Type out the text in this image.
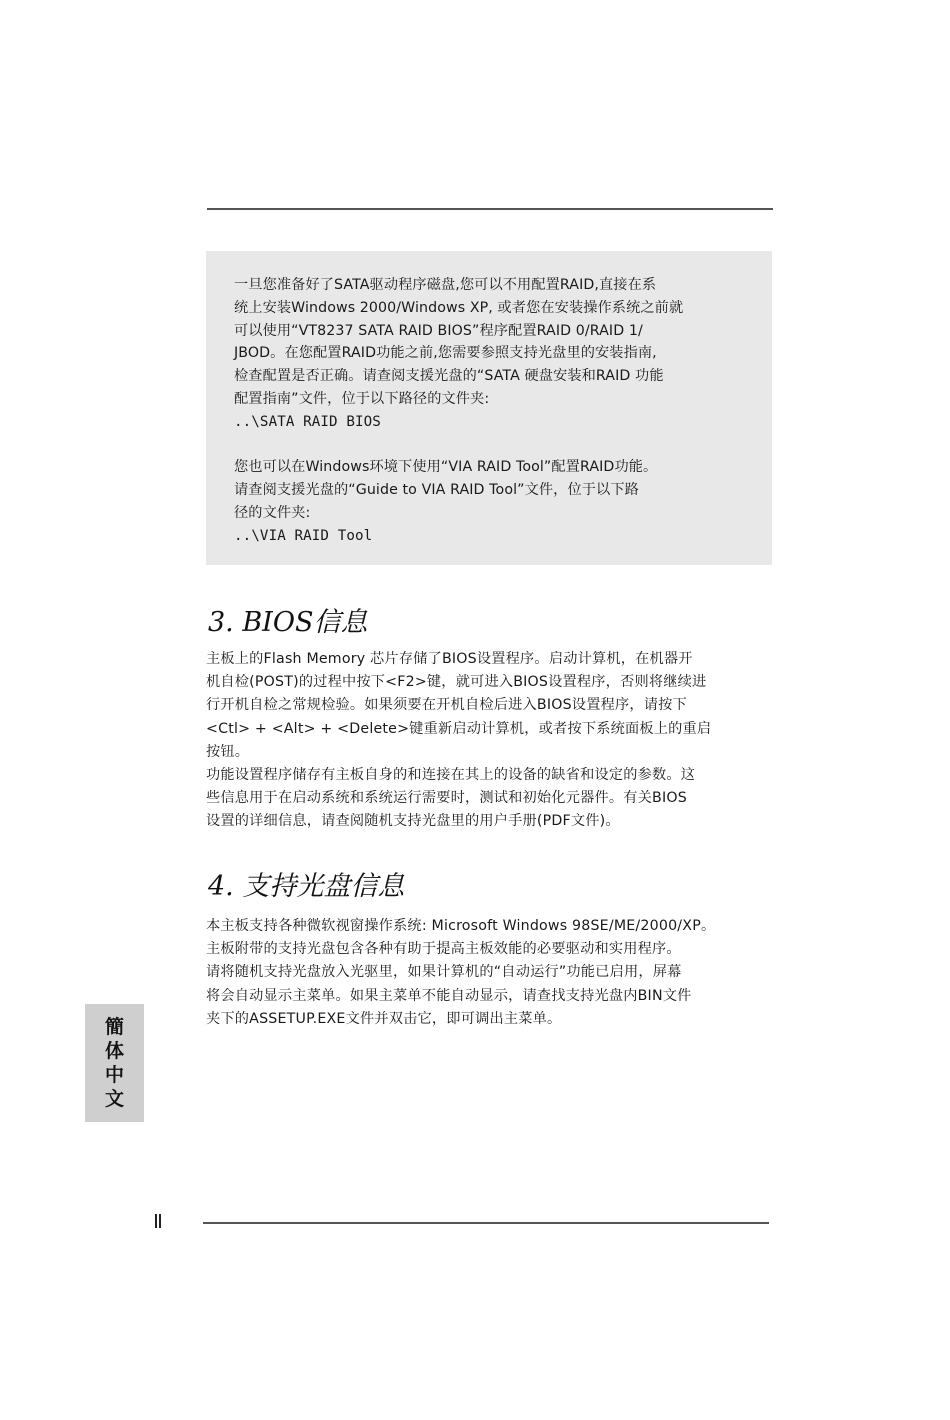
一旦您准备好了SATA驱动程序磁盘,您可以不用配置RAID,直接在系
统上安装Windows 2000/Windows XP, 或者您在安装操作系统之前就
可以使用“VT8237 SATA RAID BIOS”程序配置RAID 0/RAID 1/
JBOD。在您配置RAID功能之前,您需要参照支持光盘里的安装指南,
检查配置是否正确。请查阅支援光盘的“SATA 硬盘安装和RAID 功能
配置指南”文件，位于以下路径的文件夹:
..\SATA RAID BIOS
您也可以在Windows环境下使用“VIA RAID Tool”配置RAID功能。
请查阅支援光盘的“Guide to VIA RAID Tool”文件，位于以下路
径的文件夹:
..\VIA RAID Tool
3. BIOS信息
主板上的Flash Memory 芯片存储了BIOS设置程序。启动计算机，在机器开
机自检(POST)的过程中按下<F2>键，就可进入BIOS设置程序，否则将继续进
行开机自检之常规检验。如果须要在开机自检后进入BIOS设置程序，请按下
<Ctl> + <Alt> + <Delete>键重新启动计算机，或者按下系统面板上的重启
按钮。
功能设置程序储存有主板自身的和连接在其上的设备的缺省和设定的参数。这
些信息用于在启动系统和系统运行需要时，测试和初始化元器件。有关BIOS
设置的详细信息，请查阅随机支持光盘里的用户手册(PDF文件)。
4. 支持光盘信息
本主板支持各种微软视窗操作系统: Microsoft Windows 98SE/ME/2000/XP。
主板附带的支持光盘包含各种有助于提高主板效能的必要驱动和实用程序。
请将随机支持光盘放入光驱里，如果计算机的“自动运行”功能已启用，屏幕
将会自动显示主菜单。如果主菜单不能自动显示，请查找支持光盘内BIN文件
夹下的ASSETUP.EXE文件并双击它，即可调出主菜单。
簡
体
中
文
